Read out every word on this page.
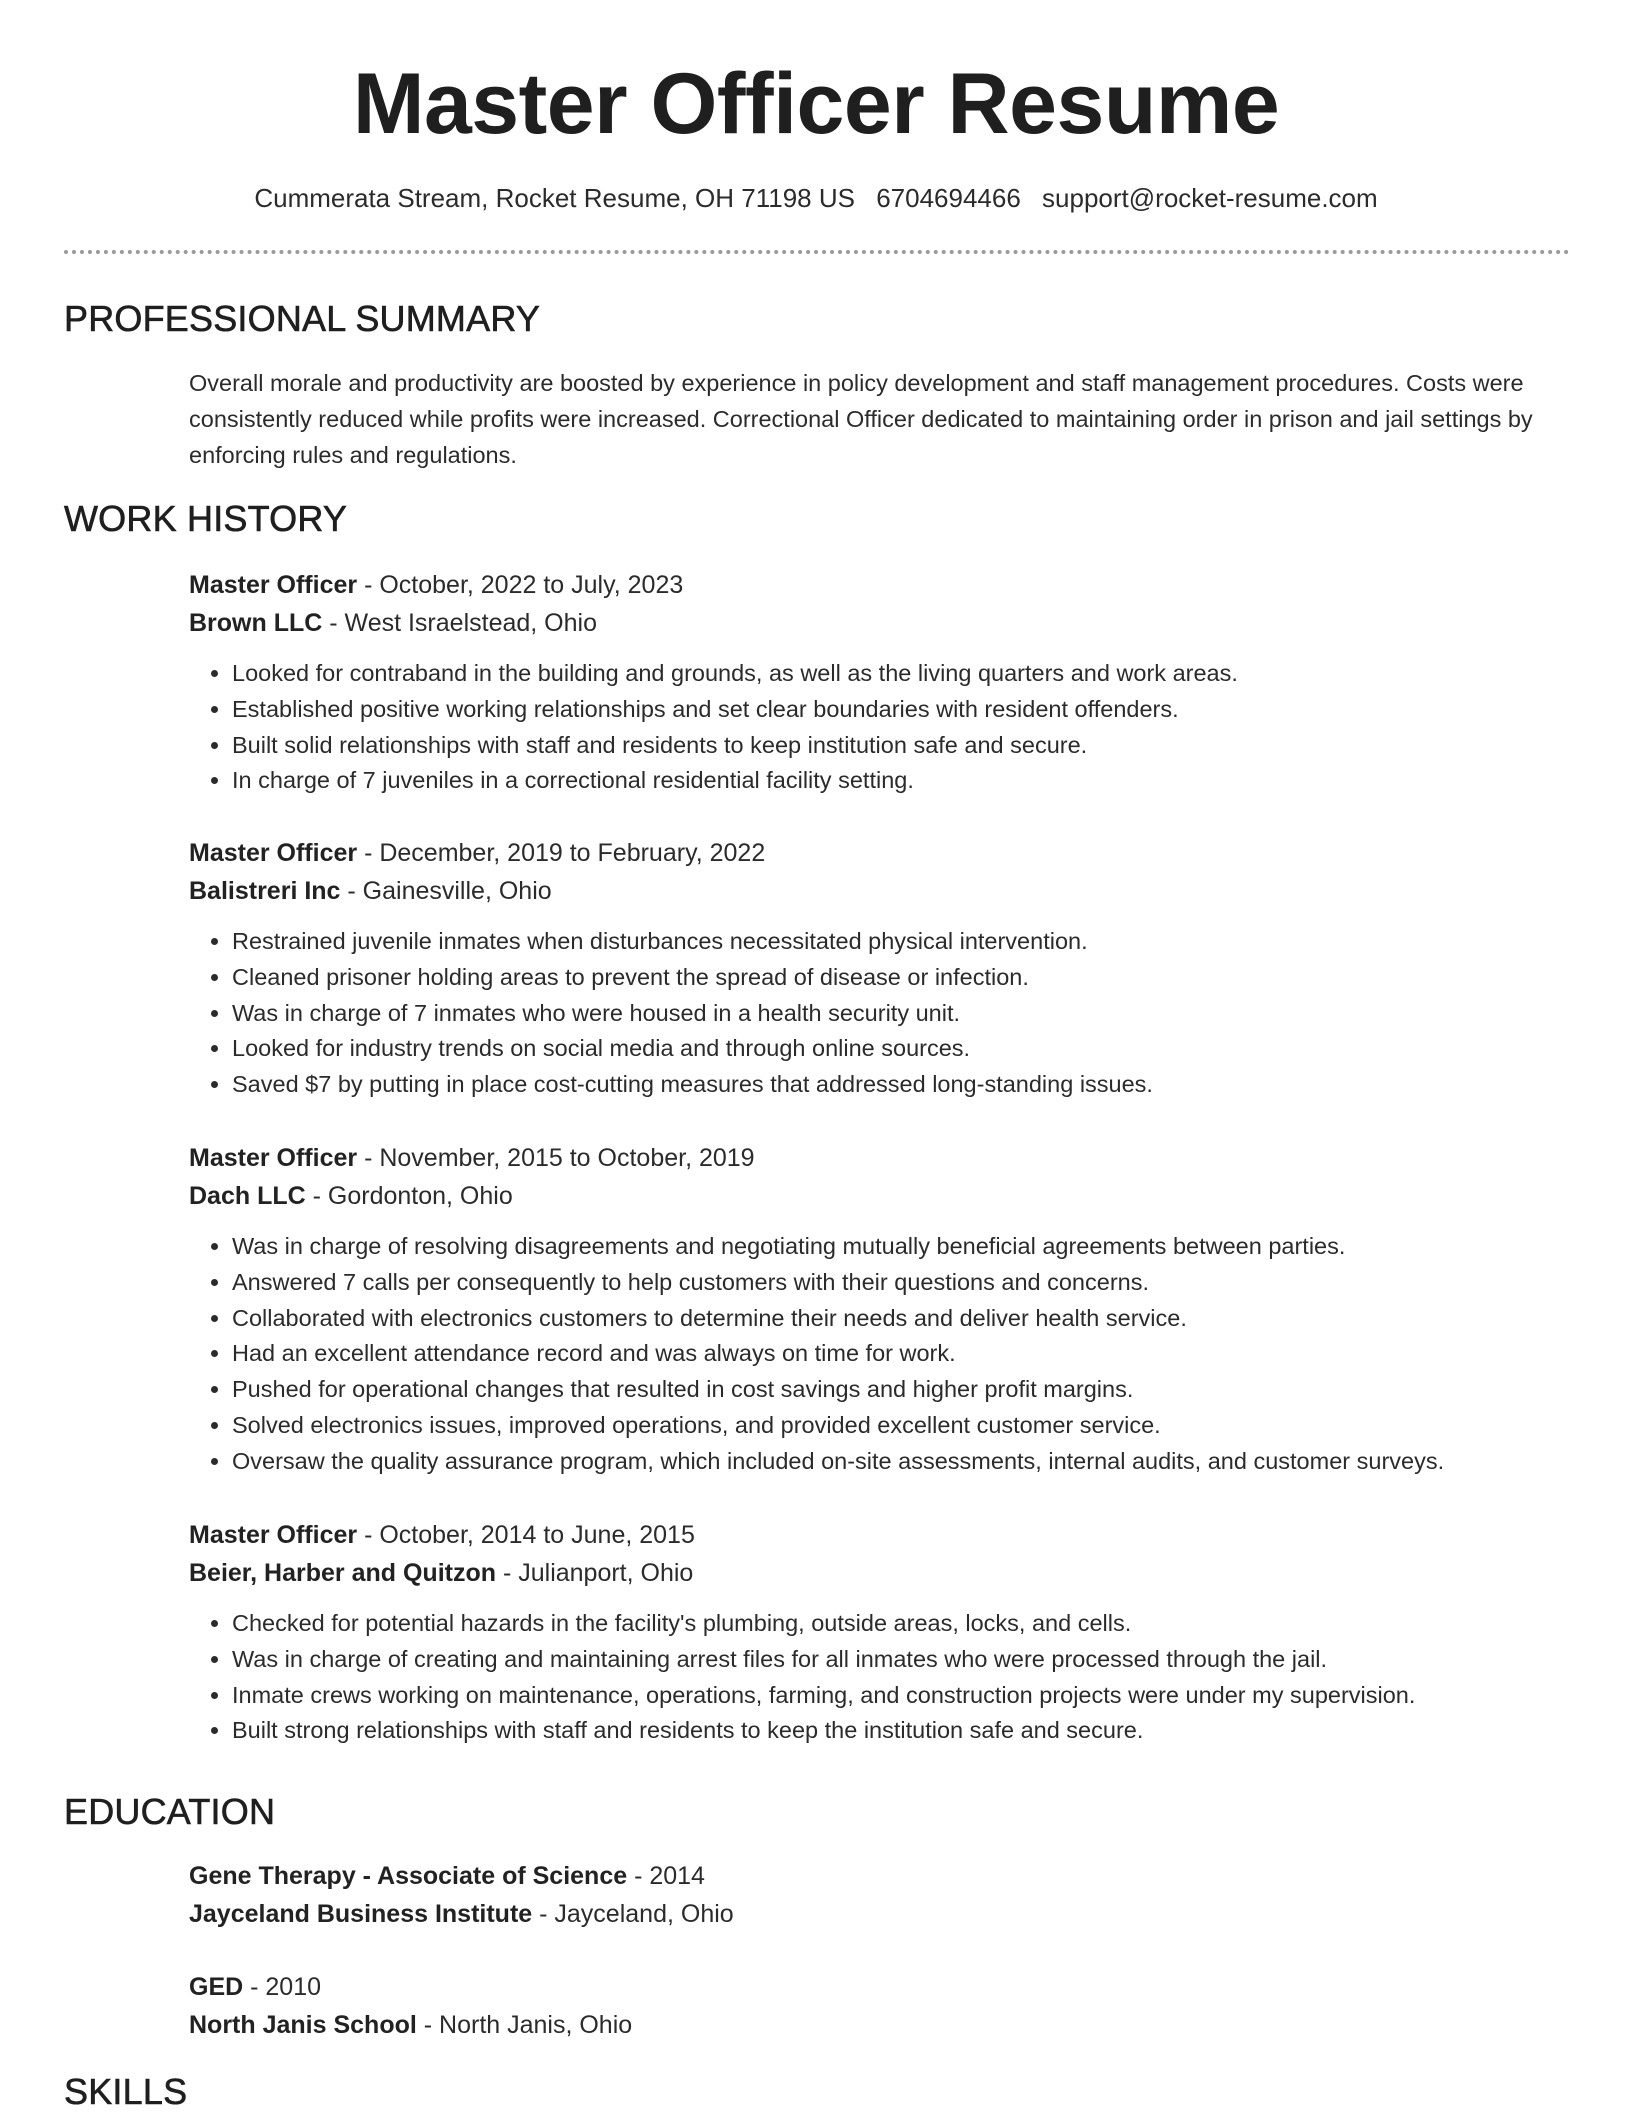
Master Officer Resume
Cummerata Stream, Rocket Resume, OH 71198 US 6704694466 support@rocket-resume.com
PROFESSIONAL SUMMARY
Overall morale and productivity are boosted by experience in policy development and staff management procedures. Costs were consistently reduced while profits were increased. Correctional Officer dedicated to maintaining order in prison and jail settings by enforcing rules and regulations.
WORK HISTORY
Master Officer - October, 2022 to July, 2023
Brown LLC - West Israelstead, Ohio
• Looked for contraband in the building and grounds, as well as the living quarters and work areas.
• Established positive working relationships and set clear boundaries with resident offenders.
• Built solid relationships with staff and residents to keep institution safe and secure.
• In charge of 7 juveniles in a correctional residential facility setting.
Master Officer - December, 2019 to February, 2022
Balistreri Inc - Gainesville, Ohio
• Restrained juvenile inmates when disturbances necessitated physical intervention.
• Cleaned prisoner holding areas to prevent the spread of disease or infection.
• Was in charge of 7 inmates who were housed in a health security unit.
• Looked for industry trends on social media and through online sources.
• Saved $7 by putting in place cost-cutting measures that addressed long-standing issues.
Master Officer - November, 2015 to October, 2019
Dach LLC - Gordonton, Ohio
• Was in charge of resolving disagreements and negotiating mutually beneficial agreements between parties.
• Answered 7 calls per consequently to help customers with their questions and concerns.
• Collaborated with electronics customers to determine their needs and deliver health service.
• Had an excellent attendance record and was always on time for work.
• Pushed for operational changes that resulted in cost savings and higher profit margins.
• Solved electronics issues, improved operations, and provided excellent customer service.
• Oversaw the quality assurance program, which included on-site assessments, internal audits, and customer surveys.
Master Officer - October, 2014 to June, 2015
Beier, Harber and Quitzon - Julianport, Ohio
• Checked for potential hazards in the facility's plumbing, outside areas, locks, and cells.
• Was in charge of creating and maintaining arrest files for all inmates who were processed through the jail.
• Inmate crews working on maintenance, operations, farming, and construction projects were under my supervision.
• Built strong relationships with staff and residents to keep the institution safe and secure.
EDUCATION
Gene Therapy - Associate of Science - 2014
Jayceland Business Institute - Jayceland, Ohio
GED - 2010
North Janis School - North Janis, Ohio
SKILLS
